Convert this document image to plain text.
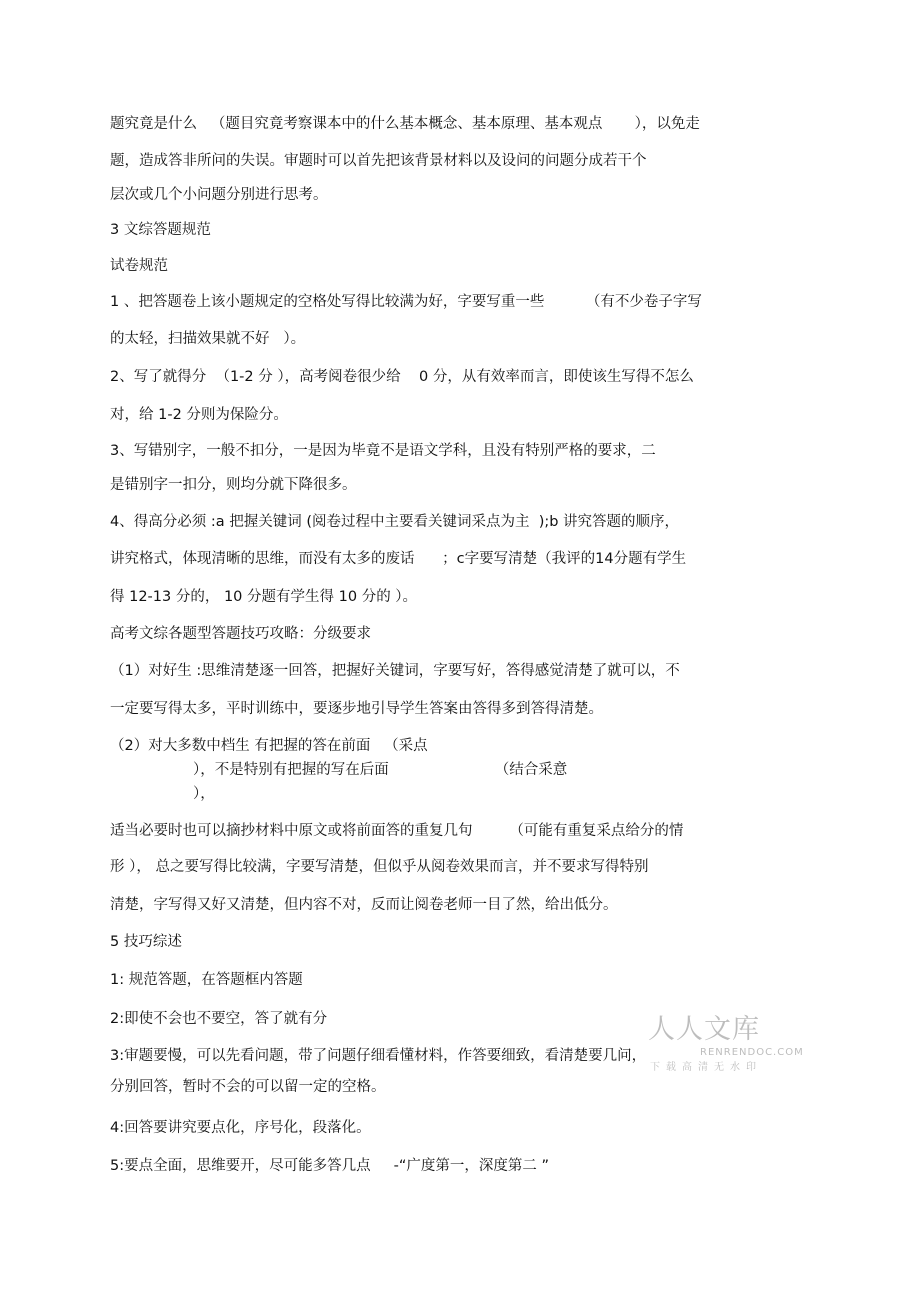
题究竟是什么   （题目究竟考察课本中的什么基本概念、基本原理、基本观点       ），以免走
题，造成答非所问的失误。审题时可以首先把该背景材料以及设问的问题分成若干个
层次或几个小问题分别进行思考。
3 文综答题规范
试卷规范
1 、把答题卷上该小题规定的空格处写得比较满为好，字要写重一些         （有不少卷子字写
的太轻，扫描效果就不好   ）。
2、写了就得分  （1-2 分 ），高考阅卷很少给    0 分，从有效率而言，即使该生写得不怎么
对，给 1-2 分则为保险分。
3、写错别字，一般不扣分，一是因为毕竟不是语文学科，且没有特别严格的要求，二
是错别字一扣分，则均分就下降很多。
4、得高分必须 :a 把握关键词 (阅卷过程中主要看关键词采点为主  );b 讲究答题的顺序，
讲究格式，体现清晰的思维，而没有太多的废话      ；c字要写清楚（我评的14分题有学生
得 12-13 分的， 10 分题有学生得 10 分的 ）。
高考文综各题型答题技巧攻略：分级要求
（1）对好生 :思维清楚逐一回答，把握好关键词，字要写好，答得感觉清楚了就可以，不
一定要写得太多，平时训练中，要逐步地引导学生答案由答得多到答得清楚。
（2）对大多数中档生 有把握的答在前面   （采点
），不是特别有把握的写在后面                       （结合采意
），
适当必要时也可以摘抄材料中原文或将前面答的重复几句        （可能有重复采点给分的情
形 ）， 总之要写得比较满，字要写清楚，但似乎从阅卷效果而言，并不要求写得特别
清楚，字写得又好又清楚，但内容不对，反而让阅卷老师一目了然，给出低分。
5 技巧综述
1: 规范答题，在答题框内答题
2:即使不会也不要空，答了就有分
3:审题要慢，可以先看问题，带了问题仔细看懂材料，作答要细致，看清楚要几问，
分别回答，暂时不会的可以留一定的空格。
4:回答要讲究要点化，序号化，段落化。
5:要点全面，思维要开，尽可能多答几点     -“广度第一，深度第二 ”
人人文库
RENRENDOC.COM
下载高清无水印
